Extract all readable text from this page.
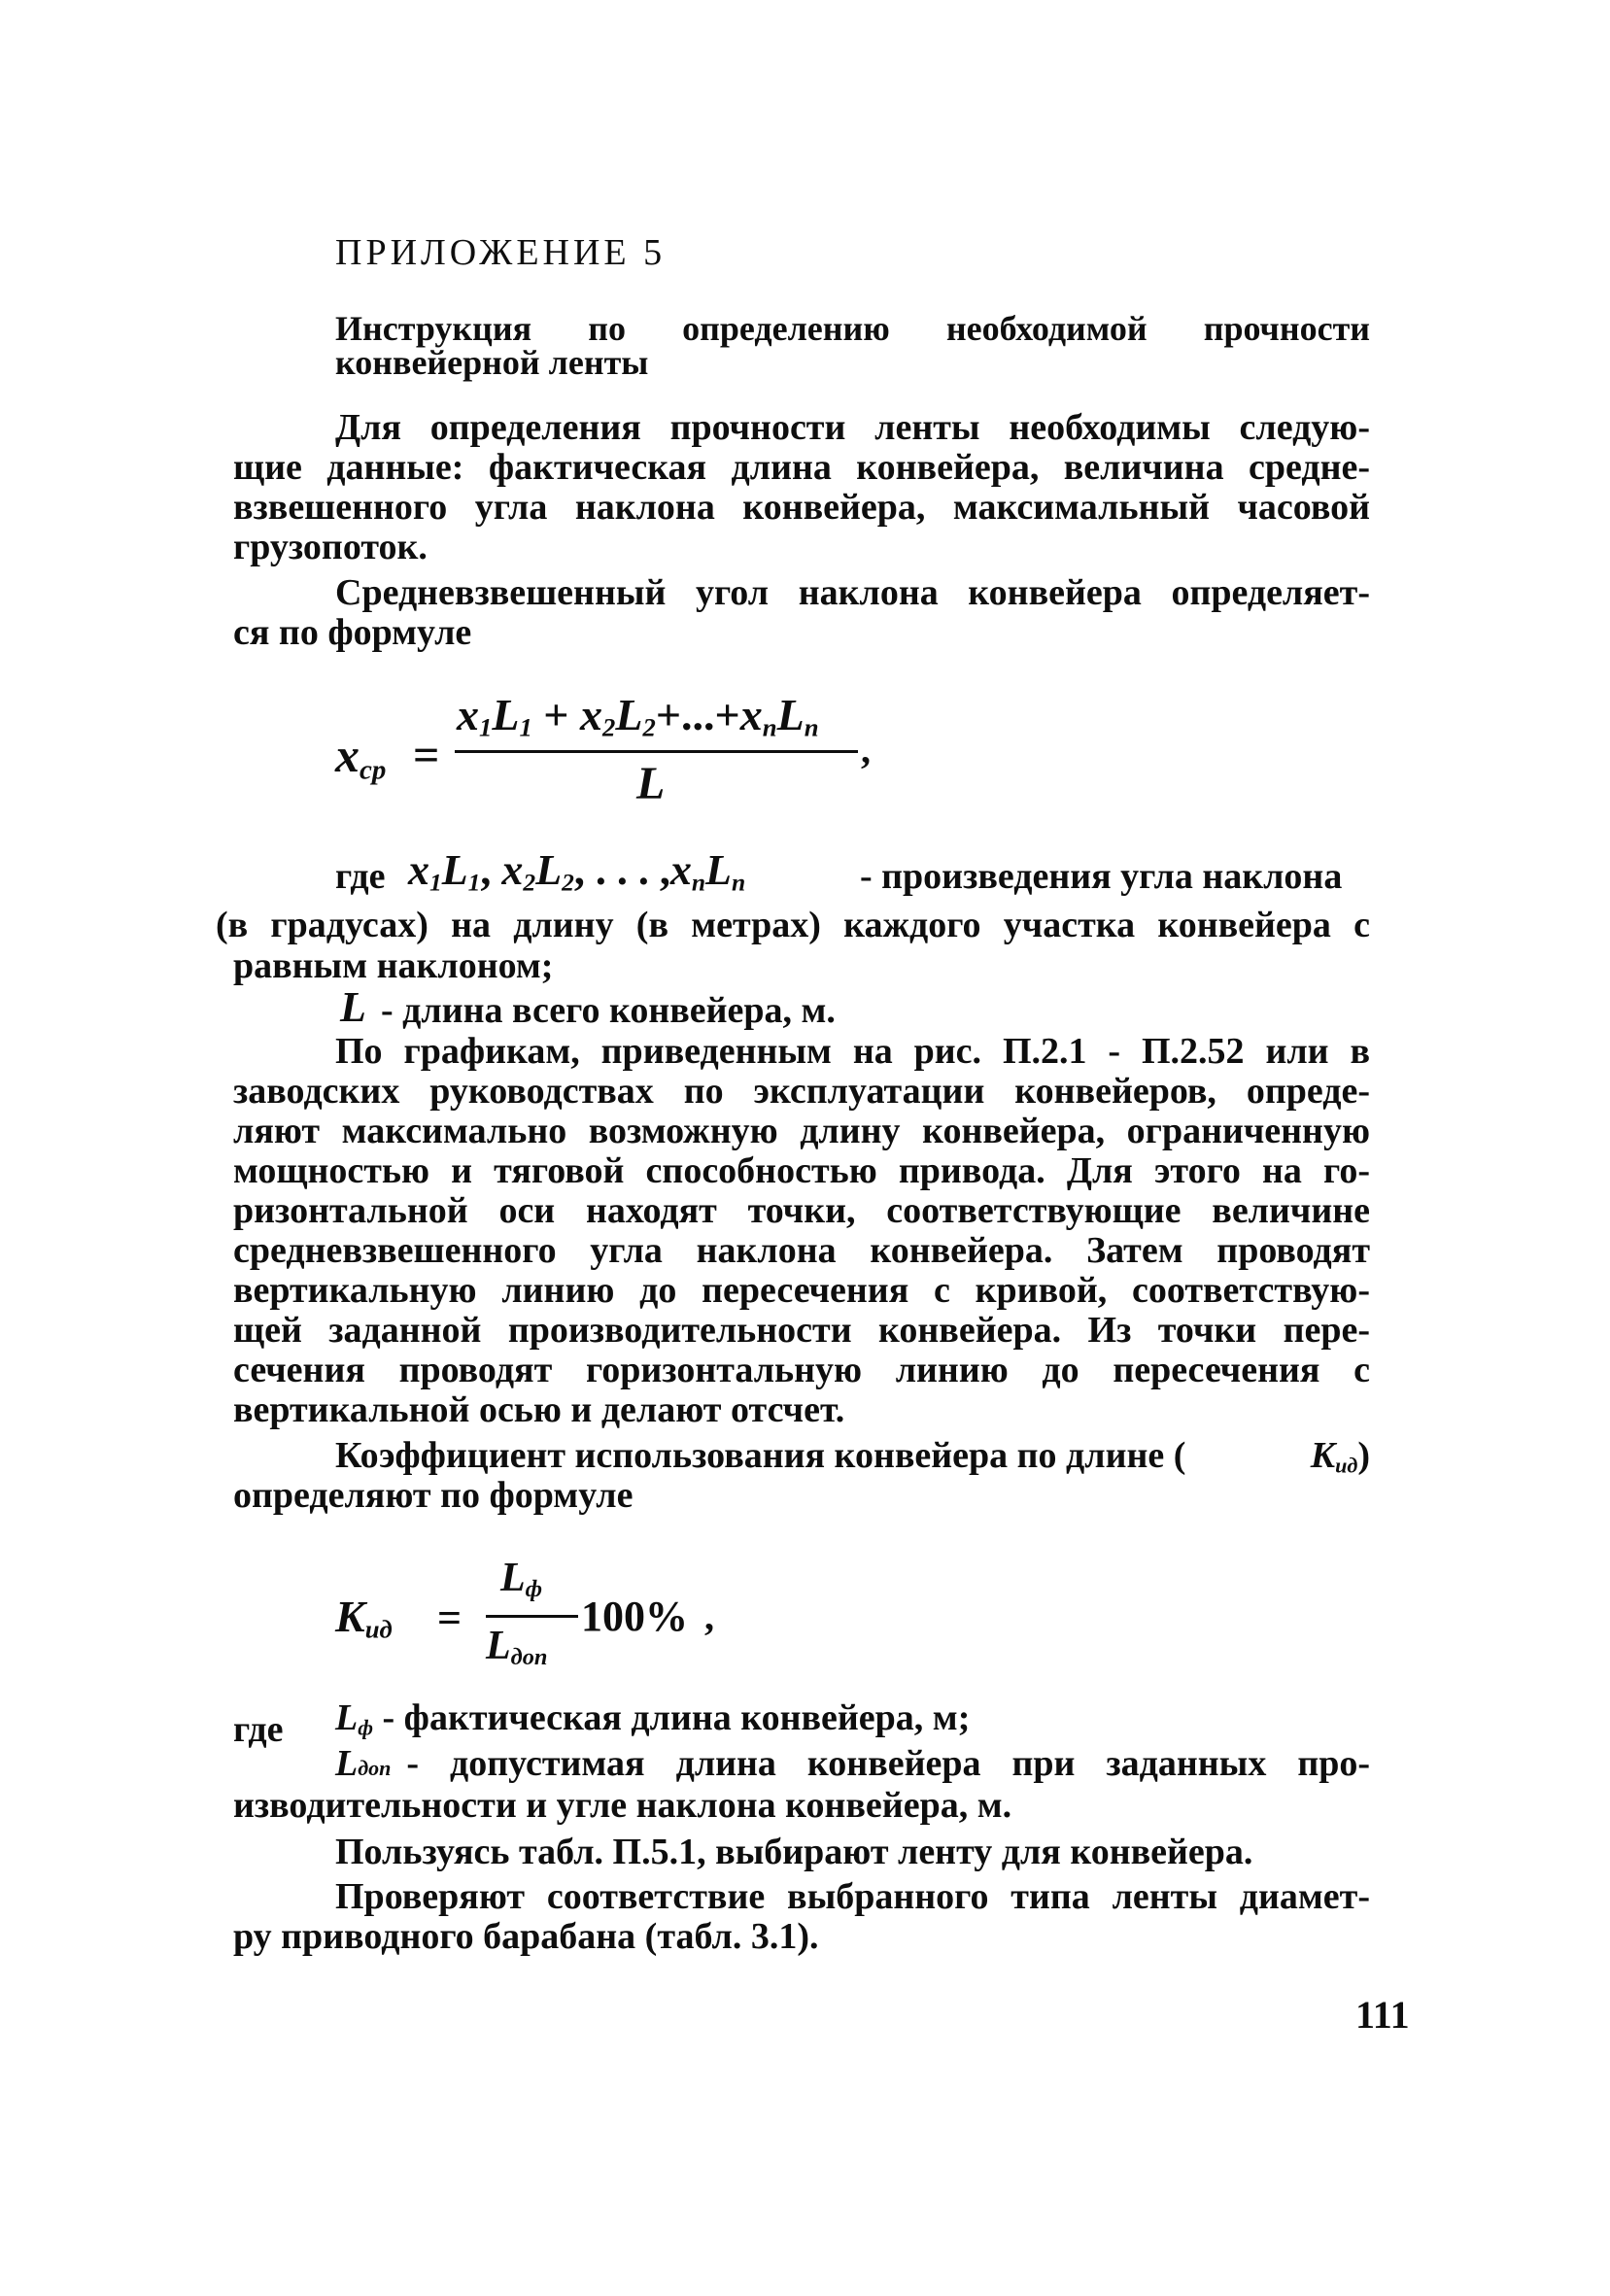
ПРИЛОЖЕНИЕ 5
Инструкция по определению необходимой прочности
конвейерной ленты
Для определения прочности ленты необходимы следую-
щие данные: фактическая длина конвейера, величина средне-
взвешенного угла наклона конвейера, максимальный часовой
грузопоток.
Средневзвешенный угол наклона конвейера определяет-
ся по формуле
$x_{ср}$ =
$x_1L_1 + x_2L_2+...+x_nL_n$
L
,
где $x_1L_1$, $x_2L_2$, . . . $,x_nL_n$	- произведения угла наклона
(в градусах) на длину (в метрах) каждого участка конвейера с
равным наклоном;
L - длина всего конвейера, м.
По графикам, приведенным на рис. П.2.1 - П.2.52 или в
заводских руководствах по эксплуатации конвейеров, опреде-
ляют максимально возможную длину конвейера, ограниченную
мощностью и тяговой способностью привода. Для этого на го-
ризонтальной оси находят точки, соответствующие величине
средневзвешенного угла наклона конвейера. Затем проводят
вертикальную линию до пересечения с кривой, соответствую-
щей заданной производительности конвейера. Из точки пере-
сечения проводят горизонтальную линию до пересечения с
вертикальной осью и делают отсчет.
Коэффициент использования конвейера по длине (	$K_{ид}$)
определяют по формуле
$K_{ид}$ =
$L_ф$
$L_{доп}$
100% ,
где $L_ф$ - фактическая длина конвейера, м;
L доп - допустимая длина конвейера при заданных про-
изводительности и угле наклона конвейера, м.
Пользуясь табл. П.5.1, выбирают ленту для конвейера.
Проверяют соответствие выбранного типа ленты диамет-
ру приводного барабана (табл. 3.1).
111
